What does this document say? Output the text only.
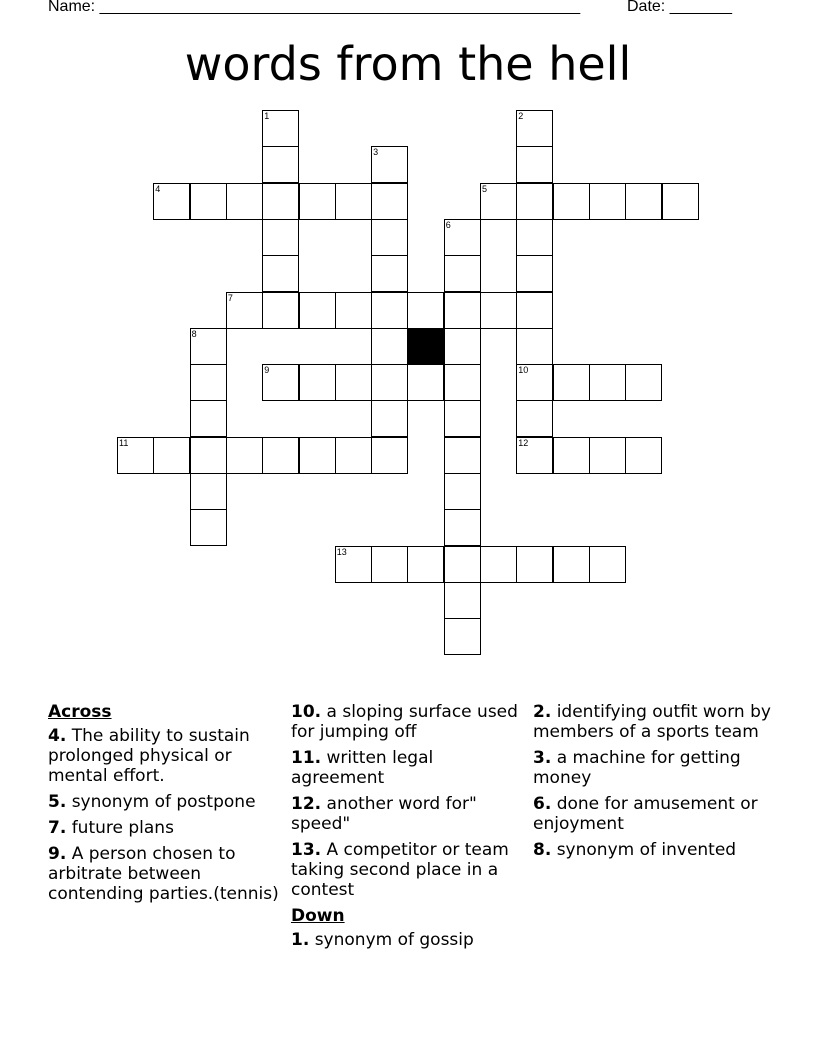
Name: ______________________________________________________	Date: _______
words from the hell
4	5
7
9	10
11	12
13
1	2
3
6
8
Across
4. The ability to sustain prolonged physical or mental effort.
5. synonym of postpone
7. future plans
9. A person chosen to arbitrate between contending parties.(tennis)
10. a sloping surface used for jumping off
11. written legal agreement
12. another word for" speed"
13. A competitor or team taking second place in a contest
Down
1. synonym of gossip
2. identifying outfit worn by members of a sports team
3. a machine for getting money
6. done for amusement or enjoyment
8. synonym of invented
